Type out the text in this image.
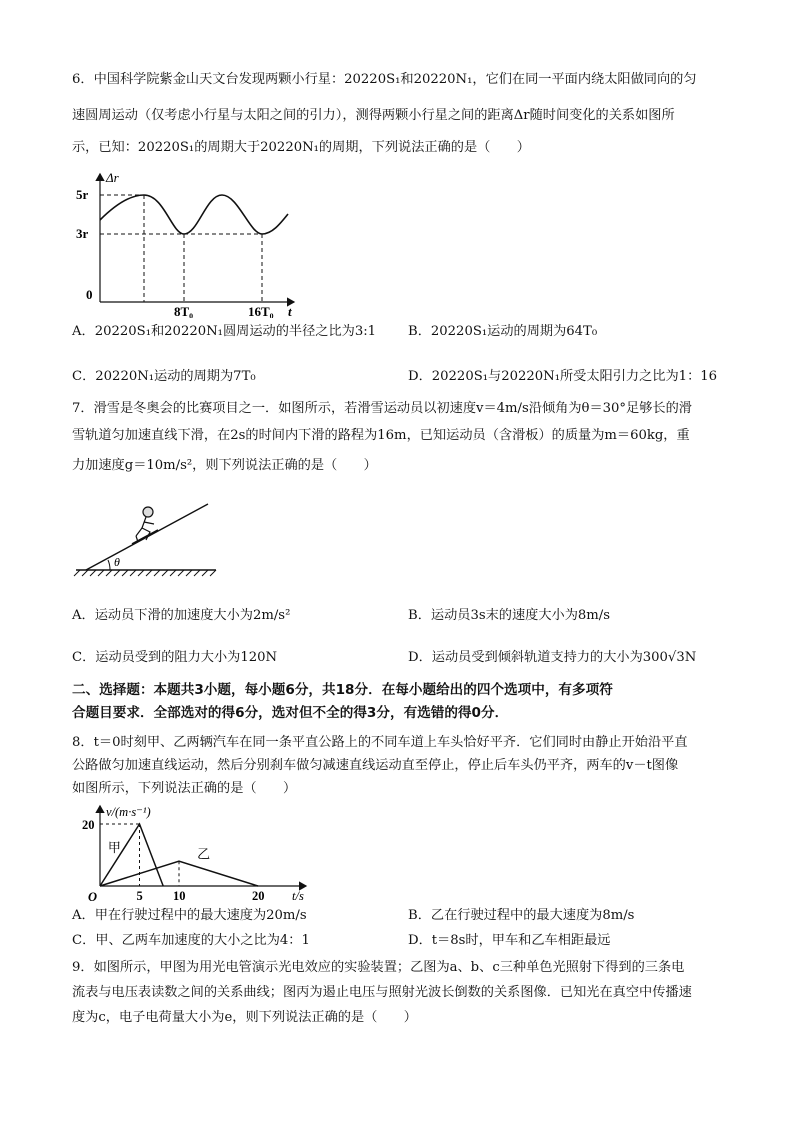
6．中国科学院紫金山天文台发现两颗小行星：20220S₁和20220N₁，它们在同一平面内绕太阳做同向的匀
速圆周运动（仅考虑小行星与太阳之间的引力），测得两颗小行星之间的距离Δr随时间变化的关系如图所
示，已知：20220S₁的周期大于20220N₁的周期，下列说法正确的是（　　）
Δr
5r
3r
0
8T₀	16T₀ t
A．20220S₁和20220N₁圆周运动的半径之比为3:1 B．20220S₁运动的周期为64T₀
C．20220N₁运动的周期为7T₀	D．20220S₁与20220N₁所受太阳引力之比为1：16
7．滑雪是冬奥会的比赛项目之一．如图所示，若滑雪运动员以初速度v＝4m/s沿倾角为θ＝30°足够长的滑
雪轨道匀加速直线下滑，在2s的时间内下滑的路程为16m，已知运动员（含滑板）的质量为m＝60kg，重
力加速度g＝10m/s²，则下列说法正确的是（　　）
θ
A．运动员下滑的加速度大小为2m/s²	B．运动员3s末的速度大小为8m/s
C．运动员受到的阻力大小为120N	D．运动员受到倾斜轨道支持力的大小为300√3N
二、选择题：本题共3小题，每小题6分，共18分．在每小题给出的四个选项中，有多项符
合题目要求．全部选对的得6分，选对但不全的得3分，有选错的得0分．
8．t＝0时刻甲、乙两辆汽车在同一条平直公路上的不同车道上车头恰好平齐．它们同时由静止开始沿平直
公路做匀加速直线运动，然后分别刹车做匀减速直线运动直至停止，停止后车头仍平齐，两车的v－t图像
如图所示，下列说法正确的是（　　）
v/(m·s⁻¹)
t/s
O
甲	乙
5 10	20
20
A．甲在行驶过程中的最大速度为20m/s	B．乙在行驶过程中的最大速度为8m/s
C．甲、乙两车加速度的大小之比为4：1	D．t＝8s时，甲车和乙车相距最远
9．如图所示，甲图为用光电管演示光电效应的实验装置；乙图为a、b、c三种单色光照射下得到的三条电
流表与电压表读数之间的关系曲线；图丙为遏止电压与照射光波长倒数的关系图像．已知光在真空中传播速
度为c，电子电荷量大小为e，则下列说法正确的是（　　）
